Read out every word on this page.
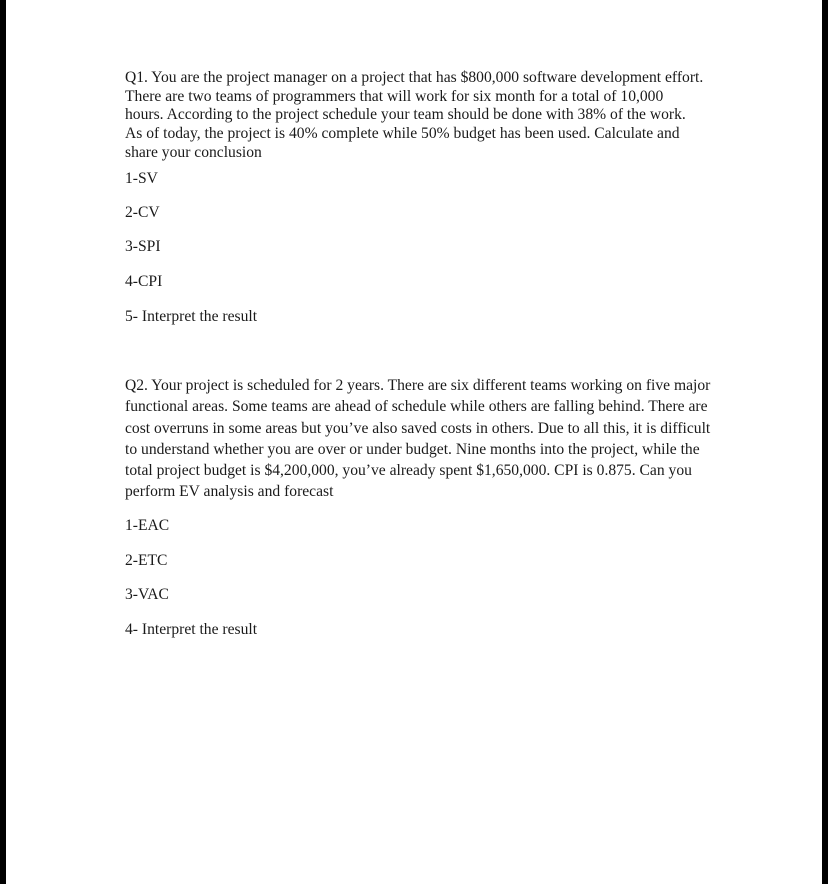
Q1. You are the project manager on a project that has $800,000 software development effort. There are two teams of programmers that will work for six month for a total of 10,000 hours. According to the project schedule your team should be done with 38% of the work. As of today, the project is 40% complete while 50% budget has been used. Calculate and share your conclusion

1-SV

2-CV

3-SPI

4-CPI

5- Interpret the result

Q2. Your project is scheduled for 2 years. There are six different teams working on five major functional areas. Some teams are ahead of schedule while others are falling behind. There are cost overruns in some areas but you’ve also saved costs in others. Due to all this, it is difficult to understand whether you are over or under budget. Nine months into the project, while the total project budget is $4,200,000, you’ve already spent $1,650,000. CPI is 0.875. Can you perform EV analysis and forecast

1-EAC

2-ETC

3-VAC

4- Interpret the result
